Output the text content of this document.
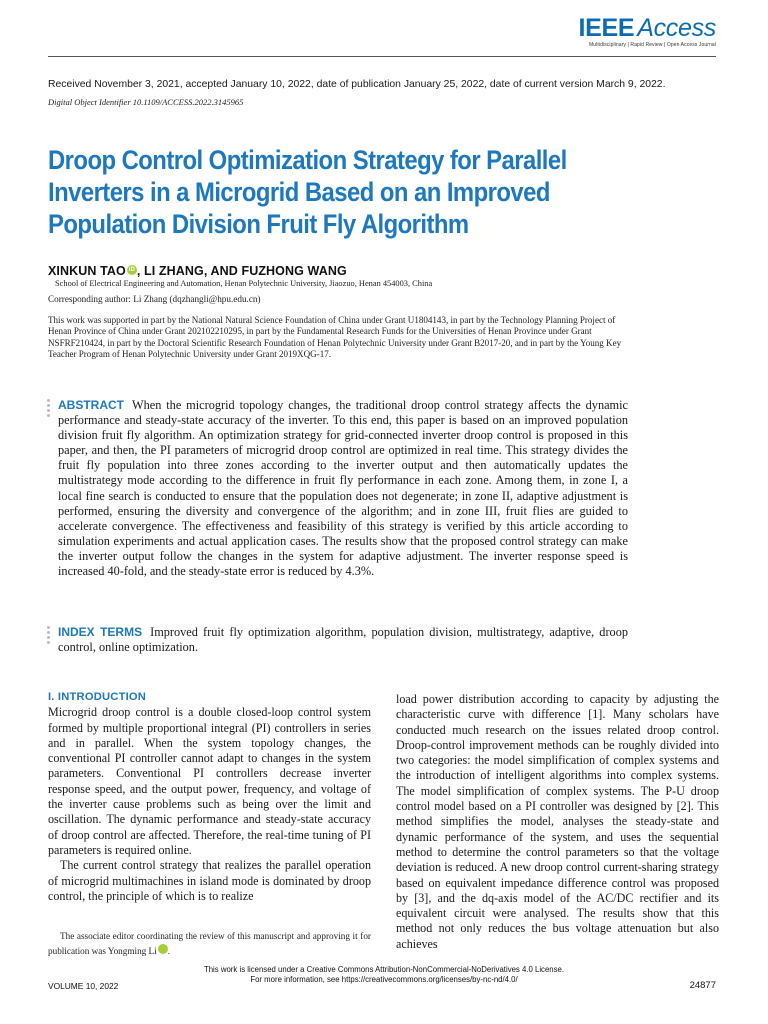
IEEE Access
Multidisciplinary | Rapid Review | Open Access Journal
Received November 3, 2021, accepted January 10, 2022, date of publication January 25, 2022, date of current version March 9, 2022.
Digital Object Identifier 10.1109/ACCESS.2022.3145965
Droop Control Optimization Strategy for Parallel Inverters in a Microgrid Based on an Improved Population Division Fruit Fly Algorithm
XINKUN TAO iD , LI ZHANG, AND FUZHONG WANG
School of Electrical Engineering and Automation, Henan Polytechnic University, Jiaozuo, Henan 454003, China
Corresponding author: Li Zhang (dqzhangli@hpu.edu.cn)
This work was supported in part by the National Natural Science Foundation of China under Grant U1804143, in part by the Technology Planning Project of Henan Province of China under Grant 202102210295, in part by the Fundamental Research Funds for the Universities of Henan Province under Grant NSFRF210424, in part by the Doctoral Scientific Research Foundation of Henan Polytechnic University under Grant B2017-20, and in part by the Young Key Teacher Program of Henan Polytechnic University under Grant 2019XQG-17.
ABSTRACT When the microgrid topology changes, the traditional droop control strategy affects the dynamic performance and steady-state accuracy of the inverter. To this end, this paper is based on an improved population division fruit fly algorithm. An optimization strategy for grid-connected inverter droop control is proposed in this paper, and then, the PI parameters of microgrid droop control are optimized in real time. This strategy divides the fruit fly population into three zones according to the inverter output and then automatically updates the multistrategy mode according to the difference in fruit fly performance in each zone. Among them, in zone I, a local fine search is conducted to ensure that the population does not degenerate; in zone II, adaptive adjustment is performed, ensuring the diversity and convergence of the algorithm; and in zone III, fruit flies are guided to accelerate convergence. The effectiveness and feasibility of this strategy is verified by this article according to simulation experiments and actual application cases. The results show that the proposed control strategy can make the inverter output follow the changes in the system for adaptive adjustment. The inverter response speed is increased 40-fold, and the steady-state error is reduced by 4.3%.
INDEX TERMS Improved fruit fly optimization algorithm, population division, multistrategy, adaptive, droop control, online optimization.
I. INTRODUCTION

Microgrid droop control is a double closed-loop control system formed by multiple proportional integral (PI) controllers in series and in parallel. When the system topology changes, the conventional PI controller cannot adapt to changes in the system parameters. Conventional PI controllers decrease inverter response speed, and the output power, frequency, and voltage of the inverter cause problems such as being over the limit and oscillation. The dynamic performance and steady-state accuracy of droop control are affected. Therefore, the real-time tuning of PI parameters is required online.

The current control strategy that realizes the parallel operation of microgrid multimachines in island mode is dominated by droop control, the principle of which is to realize

load power distribution according to capacity by adjusting the characteristic curve with difference [1]. Many scholars have conducted much research on the issues related droop control. Droop-control improvement methods can be roughly divided into two categories: the model simplification of complex systems and the introduction of intelligent algorithms into complex systems. The model simplification of complex systems. The P-U droop control model based on a PI controller was designed by [2]. This method simplifies the model, analyses the steady-state and dynamic performance of the system, and uses the sequential method to determine the control parameters so that the voltage deviation is reduced. A new droop control current-sharing strategy based on equivalent impedance difference control was proposed by [3], and the dq-axis model of the AC/DC rectifier and its equivalent circuit were analysed. The results show that this method not only reduces the bus voltage attenuation but also achieves

The associate editor coordinating the review of this manuscript and approving it for publication was Yongming Li iD.

This work is licensed under a Creative Commons Attribution-NonCommercial-NoDerivatives 4.0 License.
For more information, see https://creativecommons.org/licenses/by-nc-nd/4.0/
VOLUME 10, 2022	24877
